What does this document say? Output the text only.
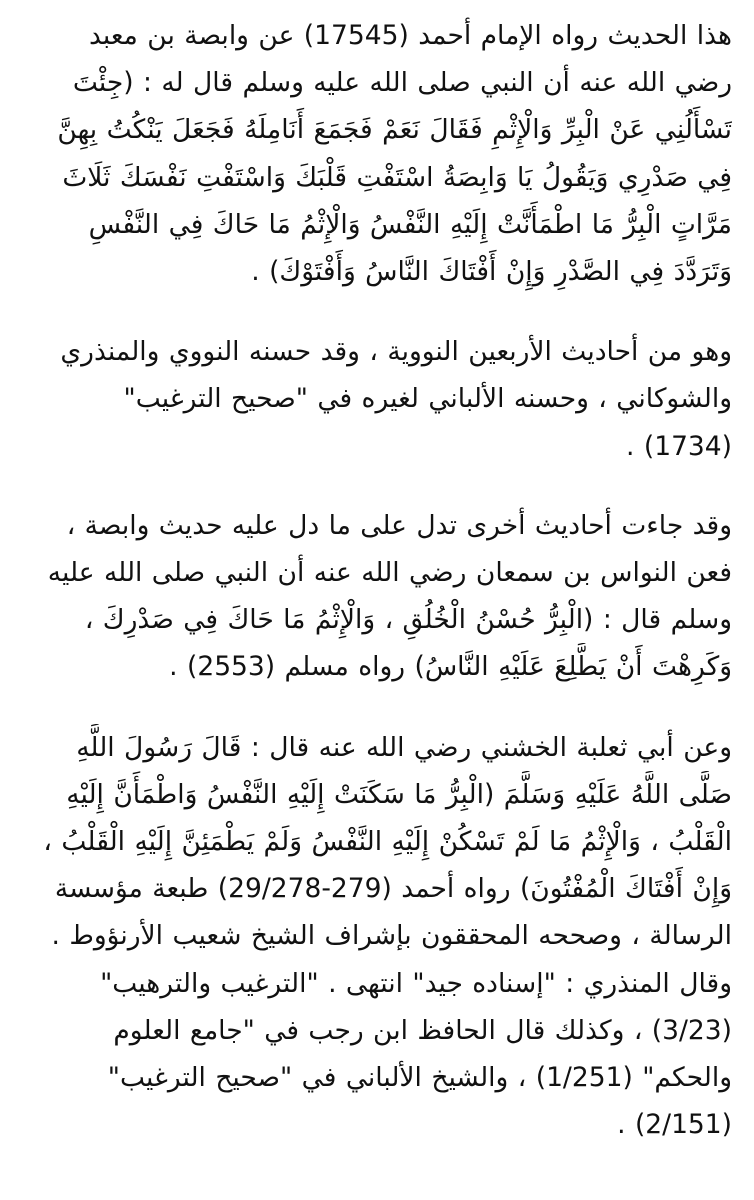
هذا الحديث رواه الإمام أحمد (17545) عن وابصة بن معبد
رضي الله عنه أن النبي صلى الله عليه وسلم قال له : (جِئْتَ
تَسْأَلُنِي عَنْ الْبِرِّ وَالْإِثْمِ فَقَالَ نَعَمْ فَجَمَعَ أَنَامِلَهُ فَجَعَلَ يَنْكُتُ بِهِنَّ
فِي صَدْرِي وَيَقُولُ يَا وَابِصَةُ اسْتَفْتِ قَلْبَكَ وَاسْتَفْتِ نَفْسَكَ ثَلَاثَ
مَرَّاتٍ الْبِرُّ مَا اطْمَأَنَّتْ إِلَيْهِ النَّفْسُ وَالْإِثْمُ مَا حَاكَ فِي النَّفْسِ
وَتَرَدَّدَ فِي الصَّدْرِ وَإِنْ أَفْتَاكَ النَّاسُ وَأَفْتَوْكَ) .

وهو من أحاديث الأربعين النووية ، وقد حسنه النووي والمنذري
والشوكاني ، وحسنه الألباني لغيره في "صحيح الترغيب"
(1734) .

وقد جاءت أحاديث أخرى تدل على ما دل عليه حديث وابصة ،
فعن النواس بن سمعان رضي الله عنه أن النبي صلى الله عليه
وسلم قال : (الْبِرُّ حُسْنُ الْخُلُقِ ، وَالْإِثْمُ مَا حَاكَ فِي صَدْرِكَ ،
وَكَرِهْتَ أَنْ يَطَّلِعَ عَلَيْهِ النَّاسُ) رواه مسلم (2553) .

وعن أبي ثعلبة الخشني رضي الله عنه قال : قَالَ رَسُولَ اللَّهِ
صَلَّى اللَّهُ عَلَيْهِ وَسَلَّمَ (الْبِرُّ مَا سَكَنَتْ إِلَيْهِ النَّفْسُ وَاطْمَأَنَّ إِلَيْهِ
الْقَلْبُ ، وَالْإِثْمُ مَا لَمْ تَسْكُنْ إِلَيْهِ النَّفْسُ وَلَمْ يَطْمَئِنَّ إِلَيْهِ الْقَلْبُ ،
وَإِنْ أَفْتَاكَ الْمُفْتُونَ) رواه أحمد (279-29/278) طبعة مؤسسة
الرسالة ، وصححه المحققون بإشراف الشيخ شعيب الأرنؤوط .
وقال المنذري : "إسناده جيد" انتهى . "الترغيب والترهيب"
(3/23) ، وكذلك قال الحافظ ابن رجب في "جامع العلوم
والحكم" (1/251) ، والشيخ الألباني في "صحيح الترغيب"
(2/151) .
